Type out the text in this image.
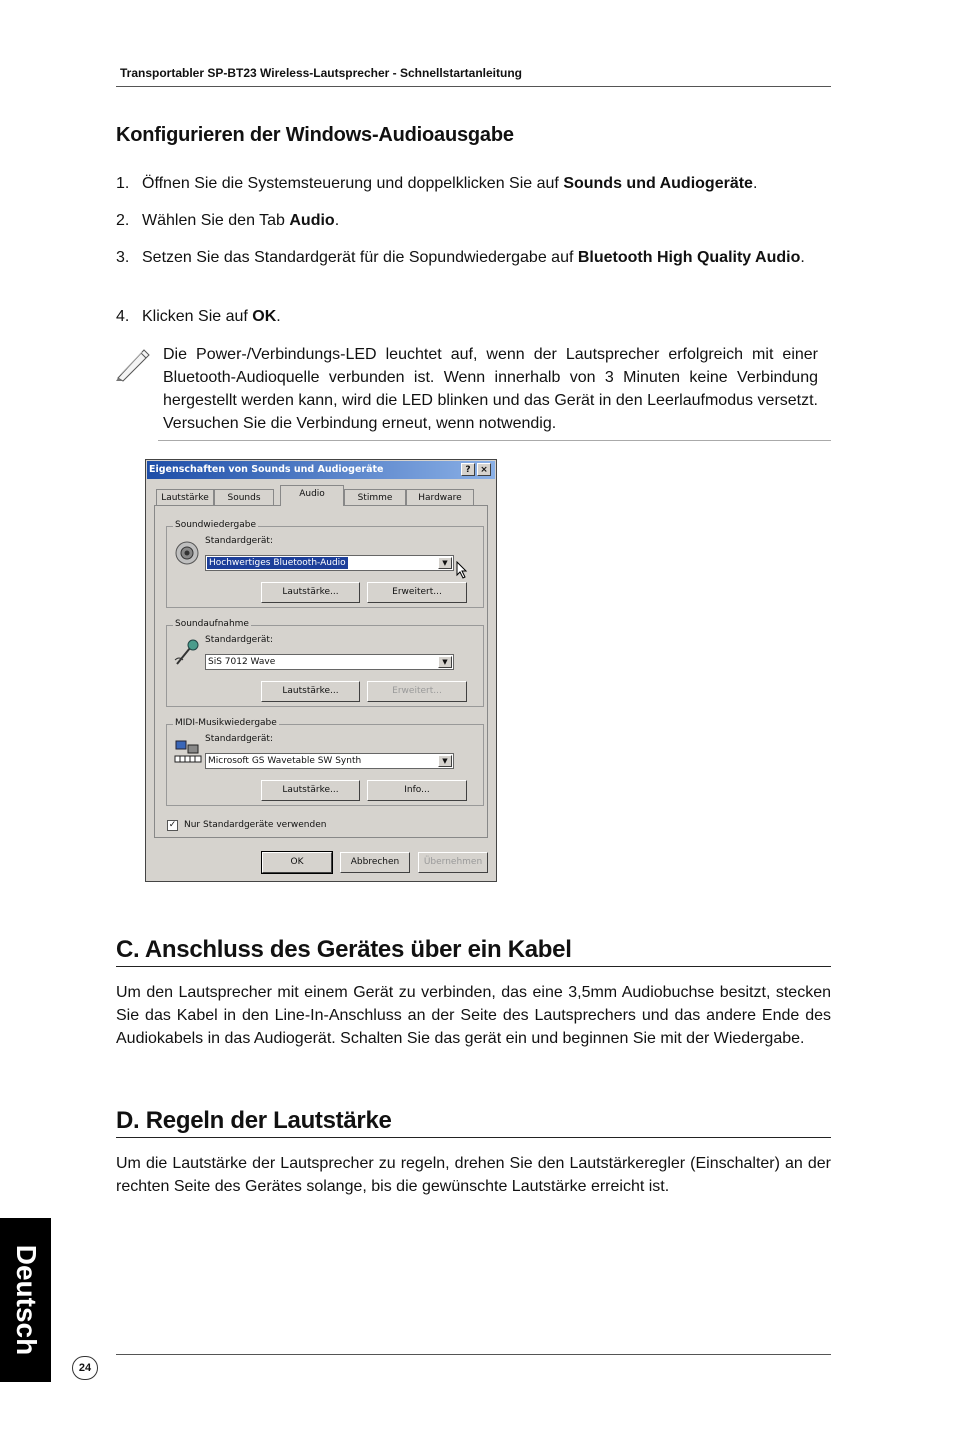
Transportabler SP-BT23 Wireless-Lautsprecher - Schnellstartanleitung
Konfigurieren der Windows-Audioausgabe
1. Öffnen Sie die Systemsteuerung und doppelklicken Sie auf Sounds und Audiogeräte.
2. Wählen Sie den Tab Audio.
3. Setzen Sie das Standardgerät für die Sopundwiedergabe auf Bluetooth High Quality Audio.
4. Klicken Sie auf OK.
Die Power-/Verbindungs-LED leuchtet auf, wenn der Lautsprecher erfolgreich mit einer Bluetooth-Audioquelle verbunden ist. Wenn innerhalb von 3 Minuten keine Verbindung hergestellt werden kann, wird die LED blinken und das Gerät in den Leerlaufmodus versetzt. Versuchen Sie die Verbindung erneut, wenn notwendig.
Eigenschaften von Sounds und Audiogeräte	?	×
Lautstärke	Sounds	Audio	Stimme	Hardware
Soundwiedergabe
Standardgerät:
Hochwertiges Bluetooth-Audio	▼
Lautstärke...	Erweitert...
Soundaufnahme
Standardgerät:
SiS 7012 Wave	▼
Lautstärke...	Erweitert...
MIDI-Musikwiedergabe
Standardgerät:
Microsoft GS Wavetable SW Synth	▼
Lautstärke...	Info...
✓ Nur Standardgeräte verwenden
OK	Abbrechen	Übernehmen
C. Anschluss des Gerätes über ein Kabel
Um den Lautsprecher mit einem Gerät zu verbinden, das eine 3,5mm Audiobuchse besitzt, stecken Sie das Kabel in den Line-In-Anschluss an der Seite des Lautsprechers und das andere Ende des Audiokabels in das Audiogerät. Schalten Sie das gerät ein und beginnen Sie mit der Wiedergabe.
D. Regeln der Lautstärke
Um die Lautstärke der Lautsprecher zu regeln, drehen Sie den Lautstärkeregler (Einschalter) an der rechten Seite des Gerätes solange, bis die gewünschte Lautstärke erreicht ist.
24
Deutsch
